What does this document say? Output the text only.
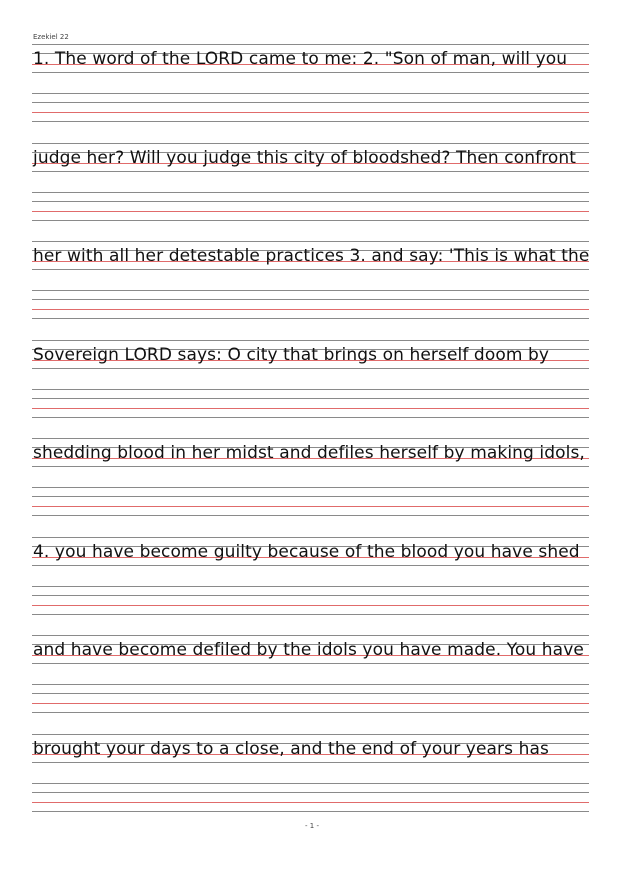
Ezekiel 22
1. The word of the LORD came to me: 2. "Son of man, will you
judge her? Will you judge this city of bloodshed? Then confront
her with all her detestable practices 3. and say: 'This is what the
Sovereign LORD says: O city that brings on herself doom by
shedding blood in her midst and defiles herself by making idols,
4. you have become guilty because of the blood you have shed
and have become defiled by the idols you have made. You have
brought your days to a close, and the end of your years has
- 1 -
